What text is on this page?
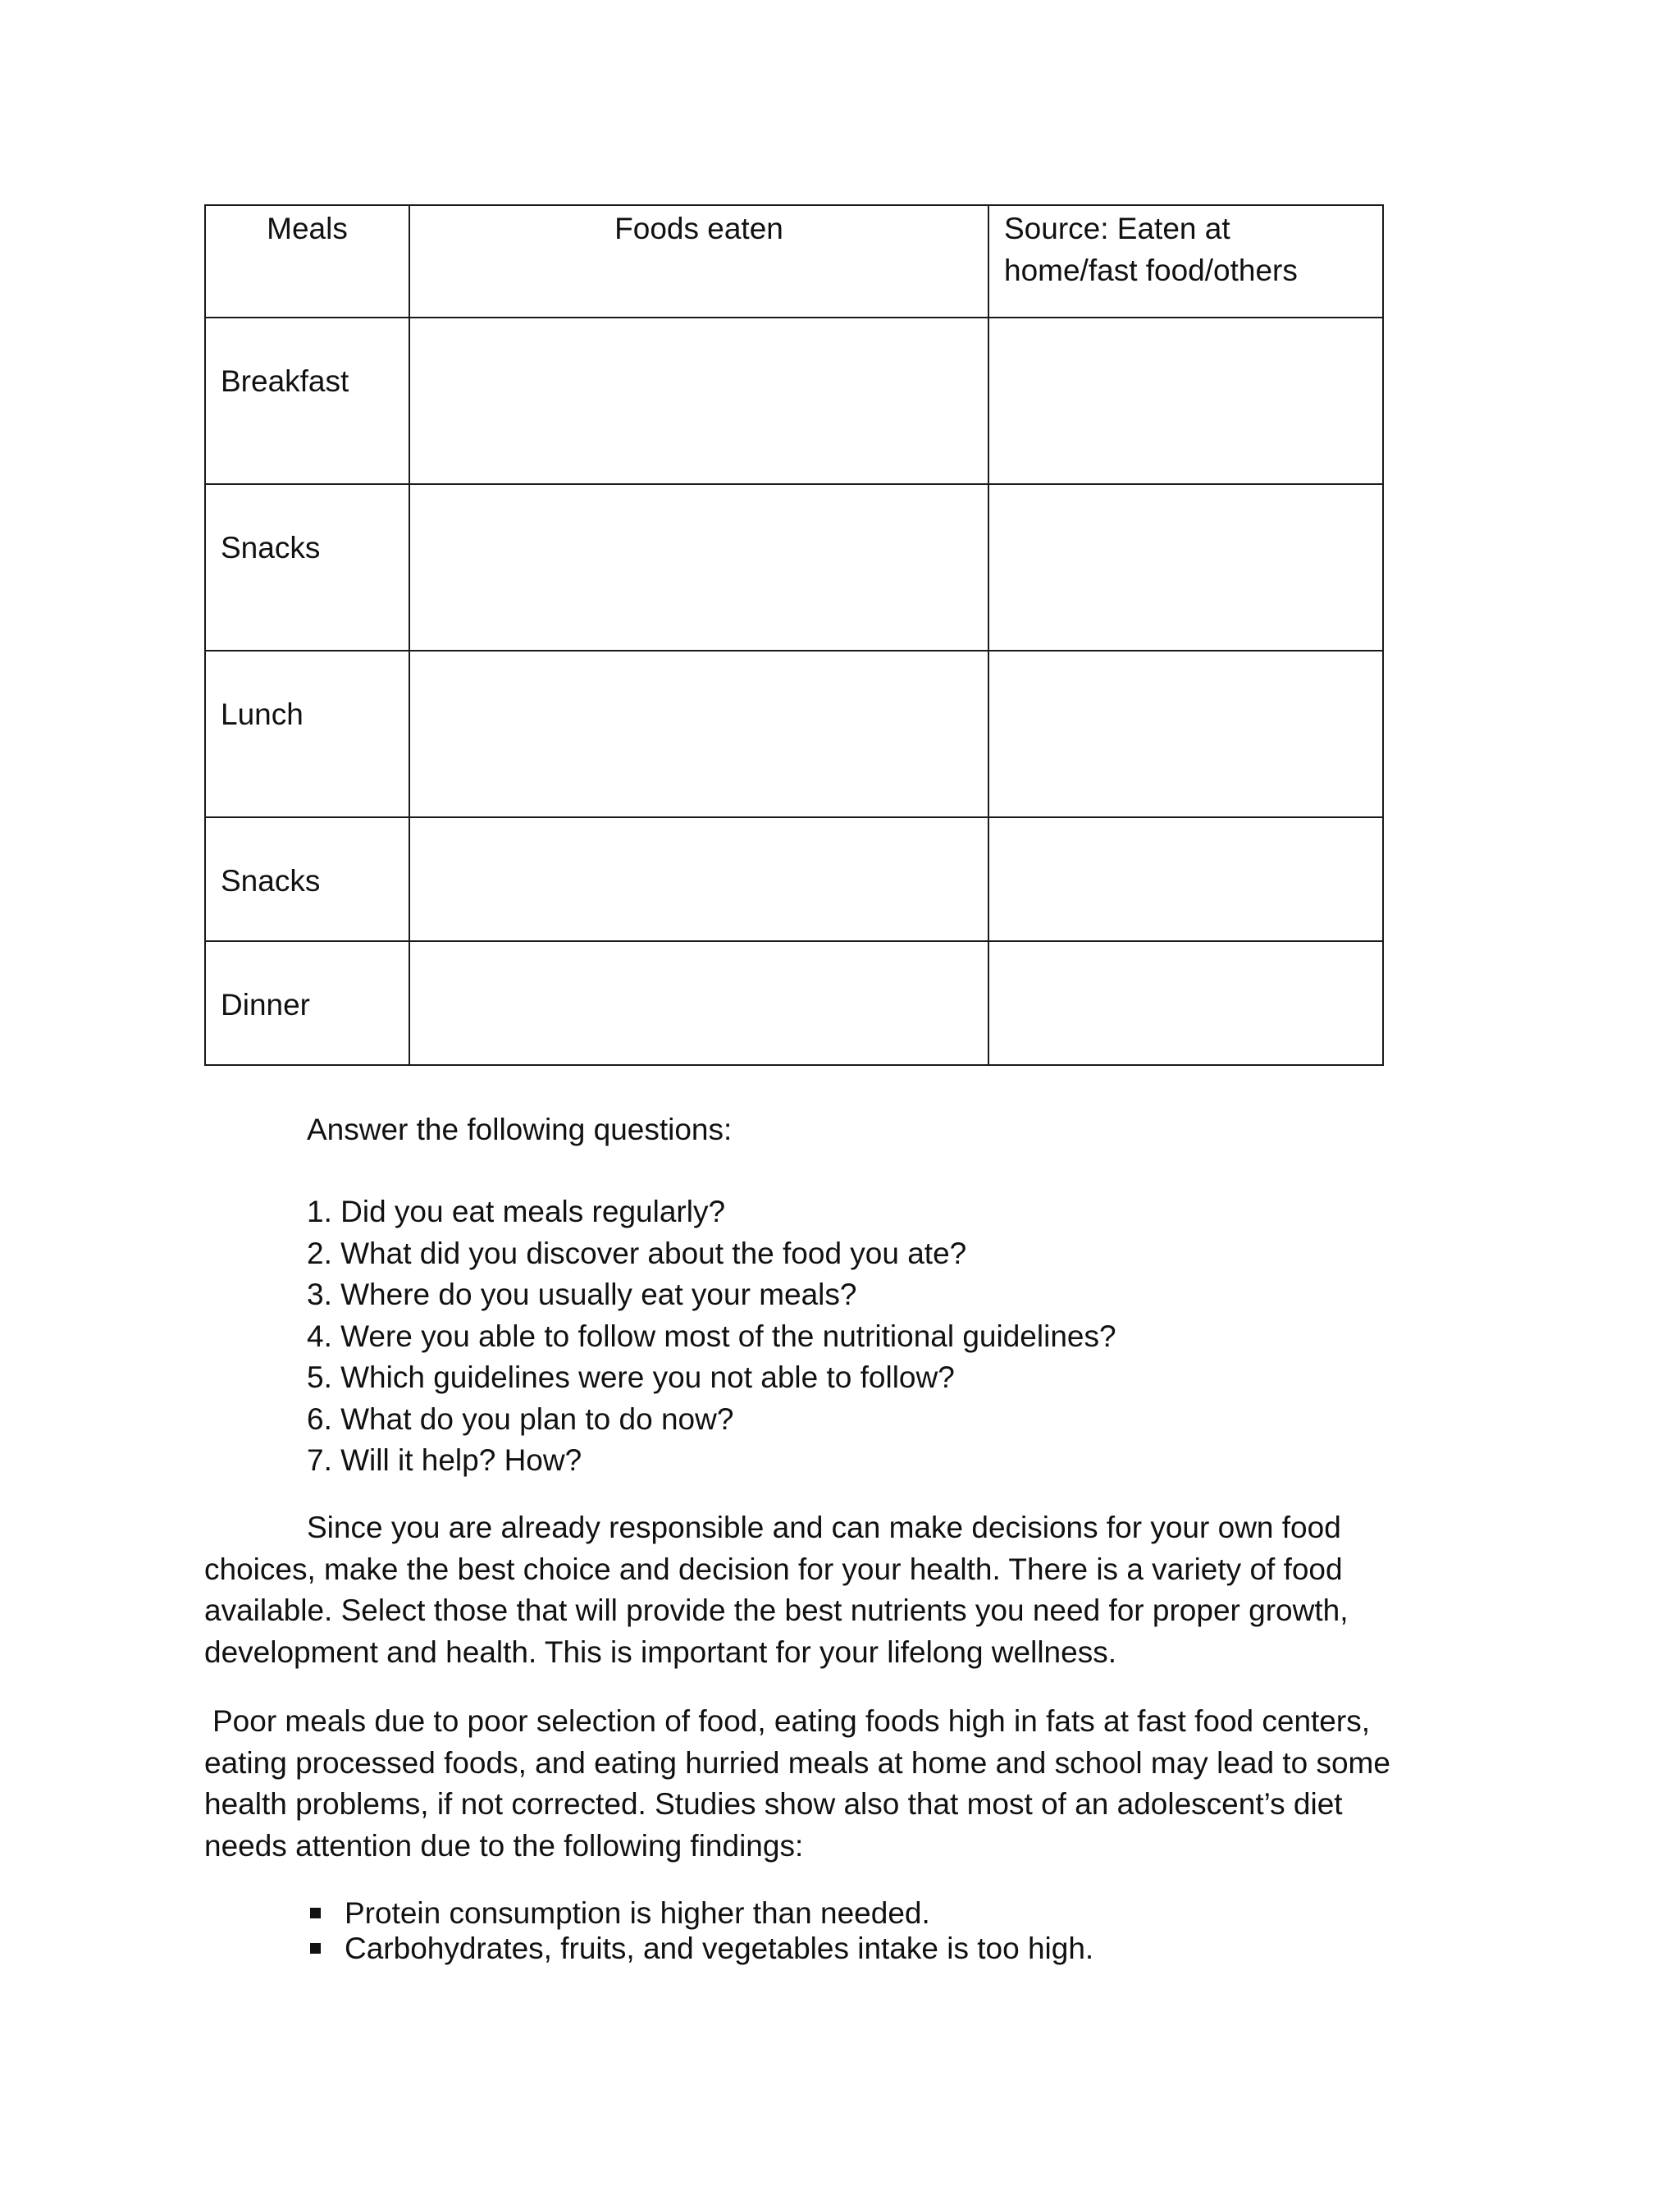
Meals	Foods eaten	Source: Eaten at home/fast food/others
Breakfast		
Snacks		
Lunch		
Snacks		
Dinner		

Answer the following questions:

1. Did you eat meals regularly?
2. What did you discover about the food you ate?
3. Where do you usually eat your meals?
4. Were you able to follow most of the nutritional guidelines?
5. Which guidelines were you not able to follow?
6. What do you plan to do now?
7. Will it help? How?

Since you are already responsible and can make decisions for your own food choices, make the best choice and decision for your health. There is a variety of food available. Select those that will provide the best nutrients you need for proper growth, development and health. This is important for your lifelong wellness.

Poor meals due to poor selection of food, eating foods high in fats at fast food centers, eating processed foods, and eating hurried meals at home and school may lead to some health problems, if not corrected. Studies show also that most of an adolescent’s diet needs attention due to the following findings:

Protein consumption is higher than needed.
Carbohydrates, fruits, and vegetables intake is too high.
